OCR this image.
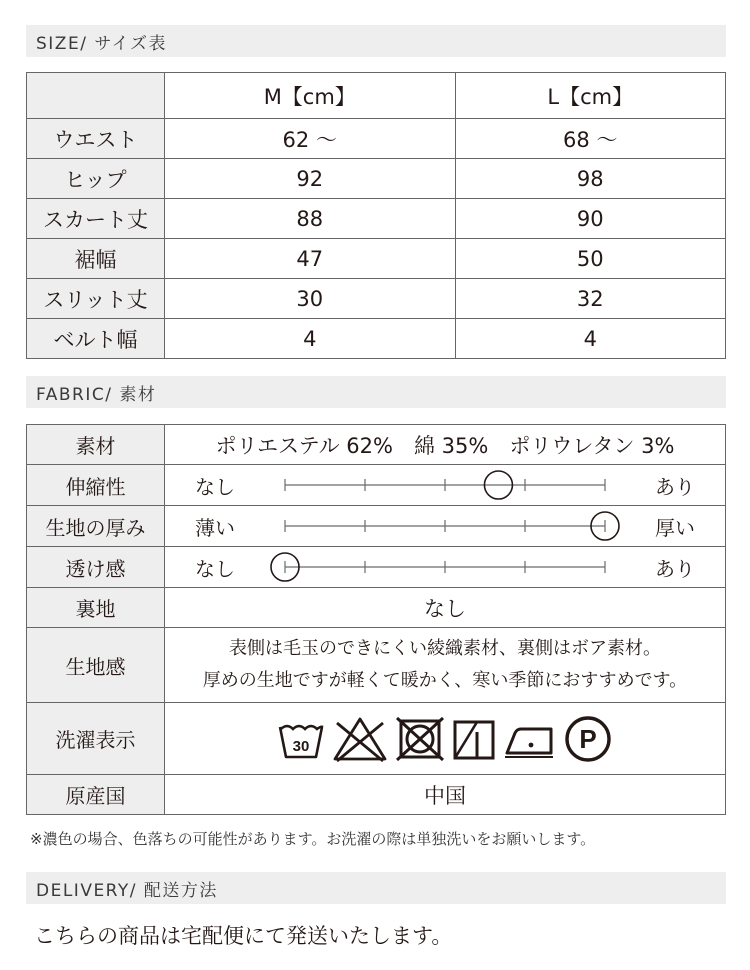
SIZE/ サイズ表
	M【cm】	L【cm】
ウエスト	62 〜	68 〜
ヒップ	92	98
スカート丈	88	90
裾幅	47	50
スリット丈	30	32
ベルト幅	4	4
FABRIC/ 素材
素材	ポリエステル 62%　綿 35%　ポリウレタン 3%
伸縮性	なし あり

生地の厚み	薄い 厚い

透け感	なし あり

裏地	なし
生地感	表側は毛玉のできにくい綾織素材、裏側はボア素材。
厚めの生地ですが軽くて暖かく、寒い季節におすすめです。

洗濯表示	30 P

原産国	中国
※濃色の場合、色落ちの可能性があります。お洗濯の際は単独洗いをお願いします。
DELIVERY/ 配送方法
こちらの商品は宅配便にて発送いたします。
